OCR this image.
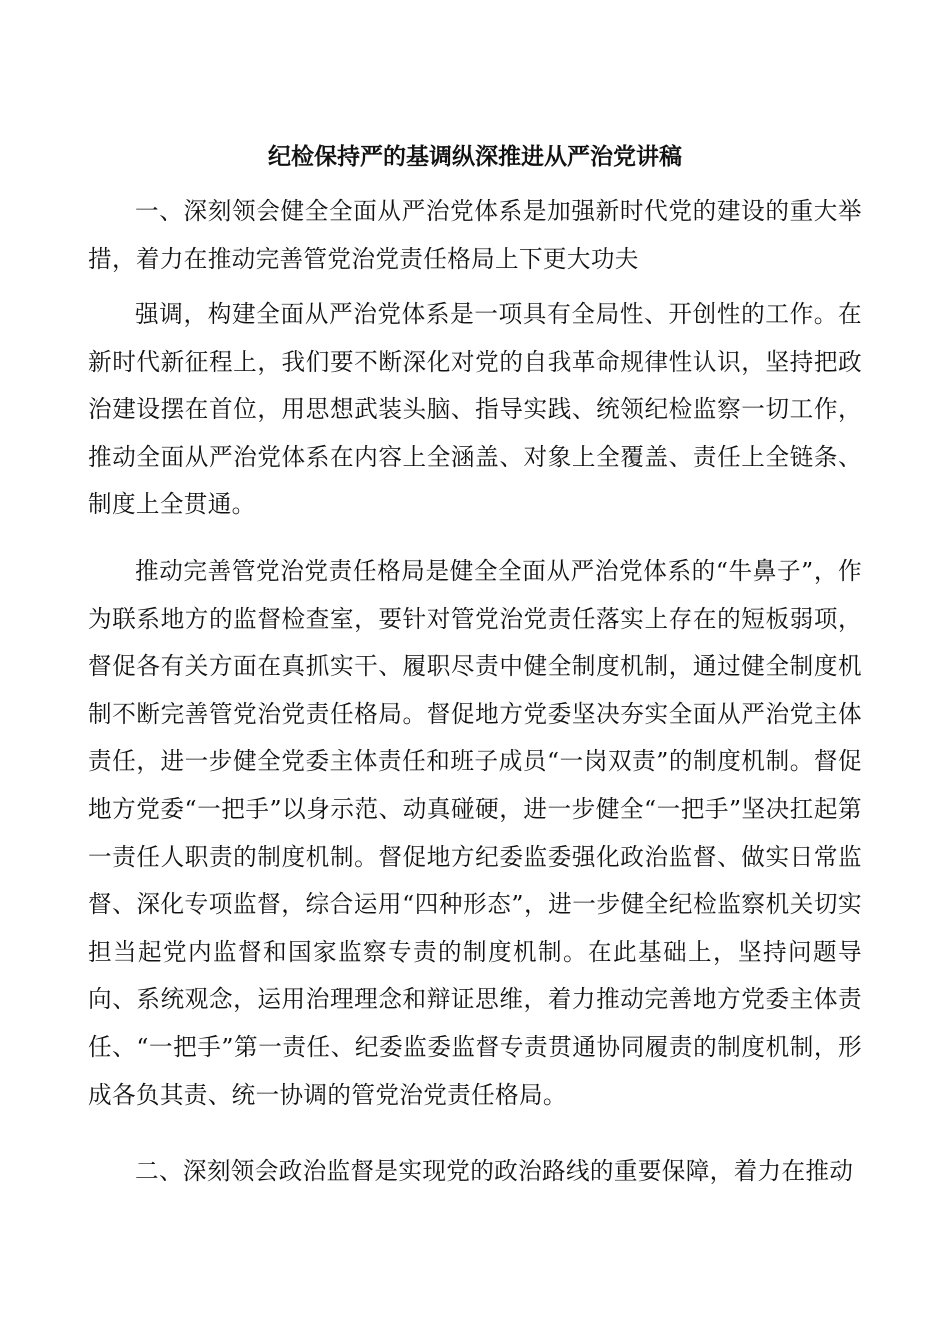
纪检保持严的基调纵深推进从严治党讲稿

一、深刻领会健全全面从严治党体系是加强新时代党的建设的重大举措，着力在推动完善管党治党责任格局上下更大功夫

强调，构建全面从严治党体系是一项具有全局性、开创性的工作。在新时代新征程上，我们要不断深化对党的自我革命规律性认识，坚持把政治建设摆在首位，用思想武装头脑、指导实践、统领纪检监察一切工作，推动全面从严治党体系在内容上全涵盖、对象上全覆盖、责任上全链条、制度上全贯通。

推动完善管党治党责任格局是健全全面从严治党体系的“牛鼻子”，作为联系地方的监督检查室，要针对管党治党责任落实上存在的短板弱项，督促各有关方面在真抓实干、履职尽责中健全制度机制，通过健全制度机制不断完善管党治党责任格局。督促地方党委坚决夯实全面从严治党主体责任，进一步健全党委主体责任和班子成员“一岗双责”的制度机制。督促地方党委“一把手”以身示范、动真碰硬，进一步健全“一把手”坚决扛起第一责任人职责的制度机制。督促地方纪委监委强化政治监督、做实日常监督、深化专项监督，综合运用“四种形态”，进一步健全纪检监察机关切实担当起党内监督和国家监察专责的制度机制。在此基础上，坚持问题导向、系统观念，运用治理理念和辩证思维，着力推动完善地方党委主体责任、“一把手”第一责任、纪委监委监督专责贯通协同履责的制度机制，形成各负其责、统一协调的管党治党责任格局。

二、深刻领会政治监督是实现党的政治路线的重要保障，着力在推动
